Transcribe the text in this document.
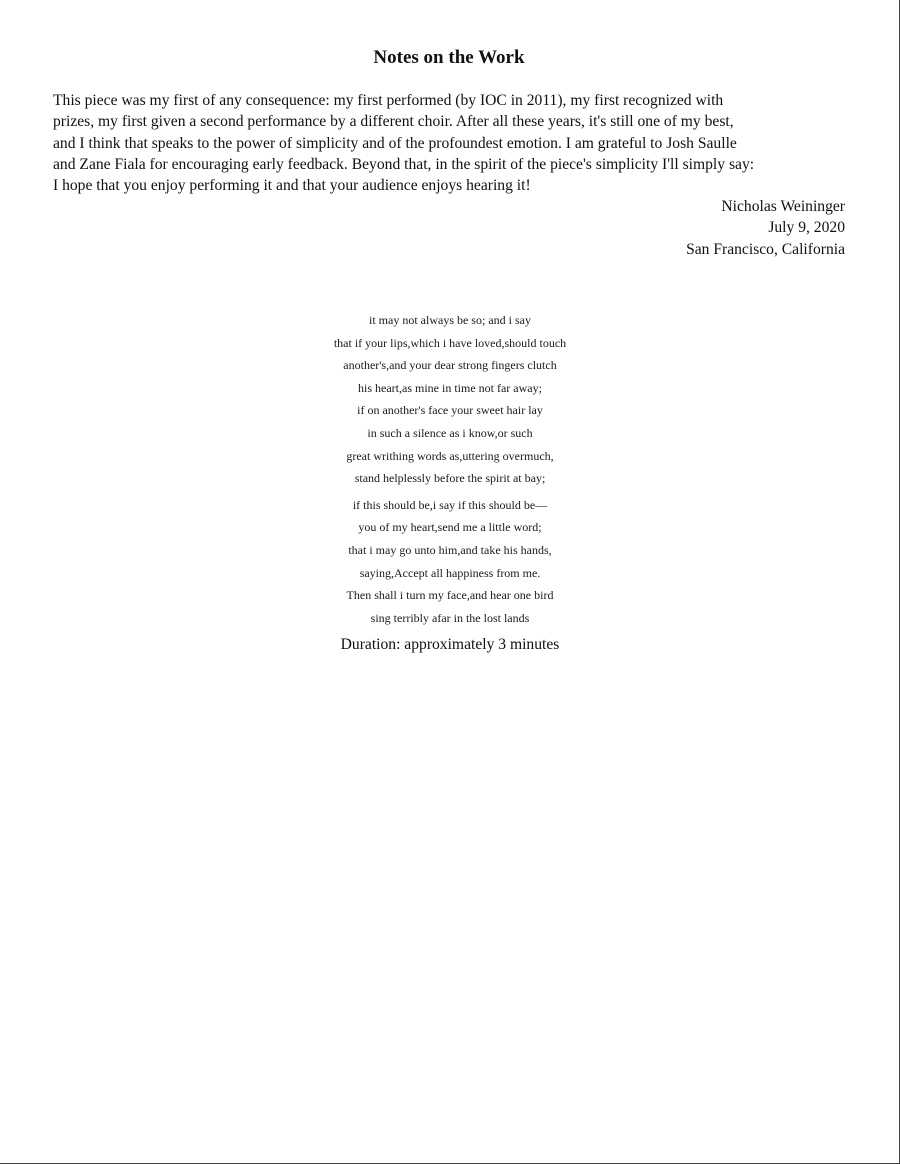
Notes on the Work
This piece was my first of any consequence: my first performed (by IOC in 2011), my first recognized with
prizes, my first given a second performance by a different choir. After all these years, it's still one of my best,
and I think that speaks to the power of simplicity and of the profoundest emotion. I am grateful to Josh Saulle
and Zane Fiala for encouraging early feedback. Beyond that, in the spirit of the piece's simplicity I'll simply say:
I hope that you enjoy performing it and that your audience enjoys hearing it!
Nicholas Weininger
July 9, 2020
San Francisco, California
it may not always be so; and i say
that if your lips,which i have loved,should touch
another's,and your dear strong fingers clutch
his heart,as mine in time not far away;
if on another's face your sweet hair lay
in such a silence as i know,or such
great writhing words as,uttering overmuch,
stand helplessly before the spirit at bay;
if this should be,i say if this should be—
you of my heart,send me a little word;
that i may go unto him,and take his hands,
saying,Accept all happiness from me.
Then shall i turn my face,and hear one bird
sing terribly afar in the lost lands
Duration: approximately 3 minutes
